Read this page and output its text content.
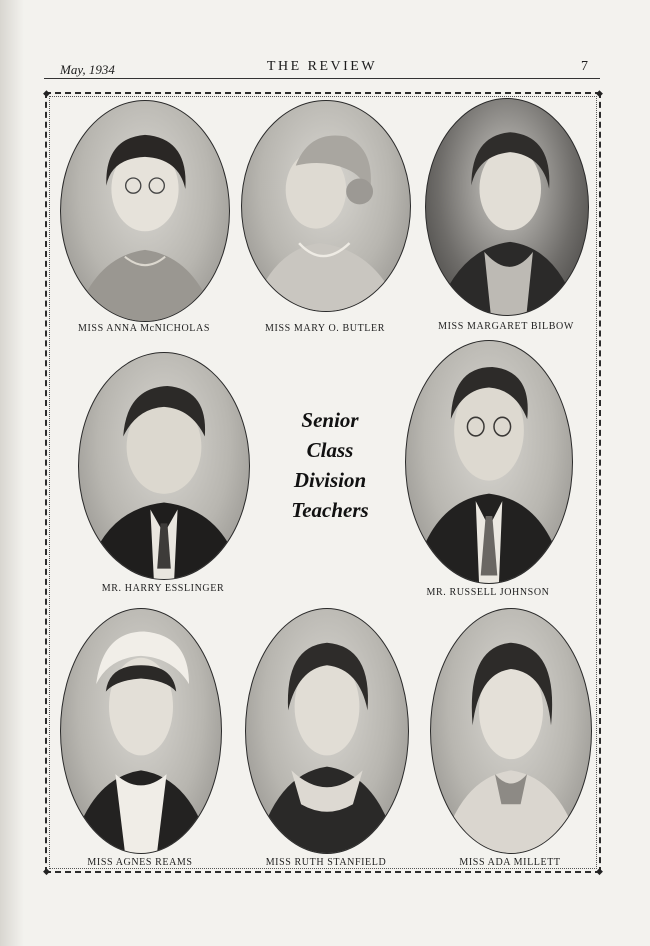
May, 1934	THE REVIEW	7
◆	◆
◆	◆
MISS ANNA McNICHOLAS	MISS MARY O. BUTLER	MISS MARGARET BILBOW
MR. HARRY ESSLINGER
Senior
Class
Division
Teachers
MR. RUSSELL JOHNSON
MISS AGNES REAMS	MISS RUTH STANFIELD	MISS ADA MILLETT
